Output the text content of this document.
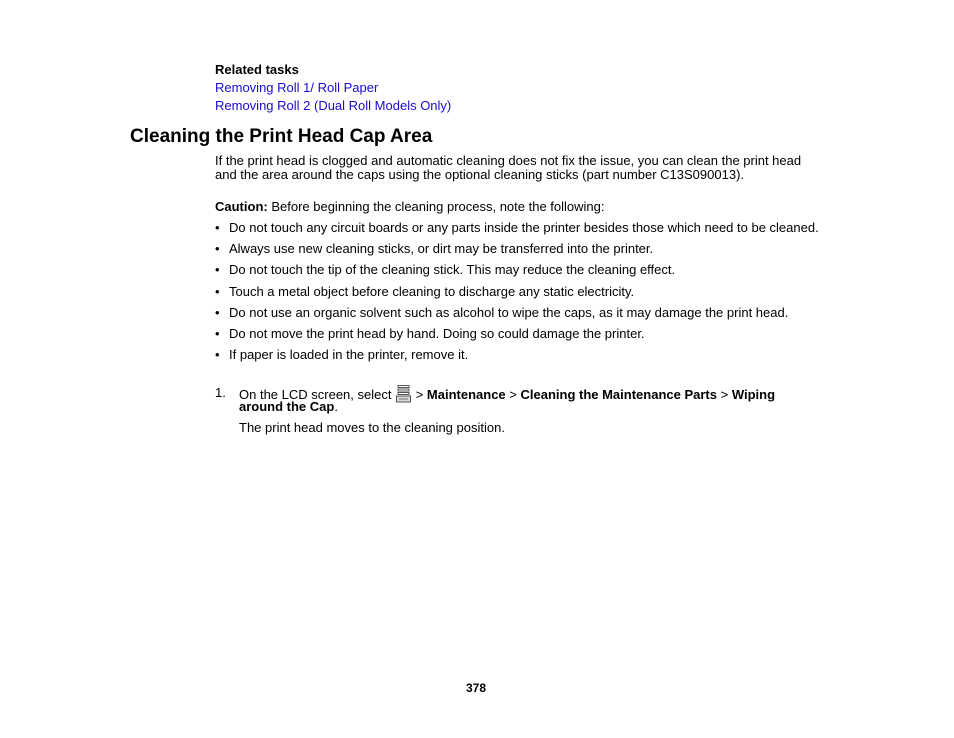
Related tasks
Removing Roll 1/ Roll Paper
Removing Roll 2 (Dual Roll Models Only)
Cleaning the Print Head Cap Area
If the print head is clogged and automatic cleaning does not fix the issue, you can clean the print head
and the area around the caps using the optional cleaning sticks (part number C13S090013).
Caution: Before beginning the cleaning process, note the following:
• Do not touch any circuit boards or any parts inside the printer besides those which need to be cleaned.
• Always use new cleaning sticks, or dirt may be transferred into the printer.
• Do not touch the tip of the cleaning stick. This may reduce the cleaning effect.
• Touch a metal object before cleaning to discharge any static electricity.
• Do not use an organic solvent such as alcohol to wipe the caps, as it may damage the print head.
• Do not move the print head by hand. Doing so could damage the printer.
• If paper is loaded in the printer, remove it.
1. On the LCD screen, select  > Maintenance > Cleaning the Maintenance Parts > Wiping
around the Cap.
The print head moves to the cleaning position.
378
